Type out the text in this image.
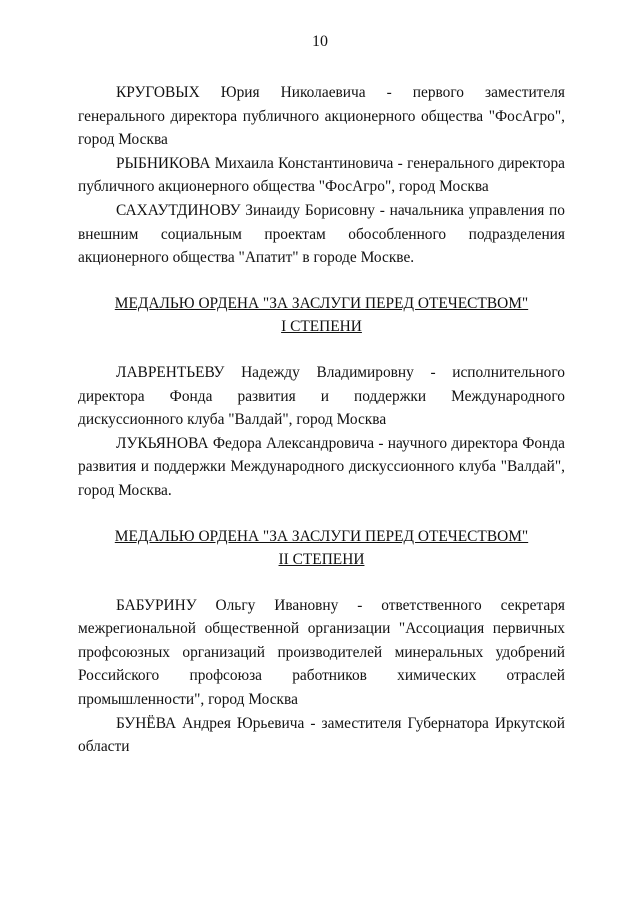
10

КРУГОВЫХ Юрия Николаевича - первого заместителя генерального директора публичного акционерного общества "ФосАгро", город Москва

РЫБНИКОВА Михаила Константиновича - генерального директора публичного акционерного общества "ФосАгро", город Москва

САХАУТДИНОВУ Зинаиду Борисовну - начальника управления по внешним социальным проектам обособленного подразделения акционерного общества "Апатит" в городе Москве.

МЕДАЛЬЮ ОРДЕНА "ЗА ЗАСЛУГИ ПЕРЕД ОТЕЧЕСТВОМ"

I СТЕПЕНИ

ЛАВРЕНТЬЕВУ Надежду Владимировну - исполнительного директора Фонда развития и поддержки Международного дискуссионного клуба "Валдай", город Москва

ЛУКЬЯНОВА Федора Александровича - научного директора Фонда развития и поддержки Международного дискуссионного клуба "Валдай", город Москва.

МЕДАЛЬЮ ОРДЕНА "ЗА ЗАСЛУГИ ПЕРЕД ОТЕЧЕСТВОМ"

II СТЕПЕНИ

БАБУРИНУ Ольгу Ивановну - ответственного секретаря межрегиональной общественной организации "Ассоциация первичных профсоюзных организаций производителей минеральных удобрений Российского профсоюза работников химических отраслей промышленности", город Москва

БУНЁВА Андрея Юрьевича - заместителя Губернатора Иркутской области
